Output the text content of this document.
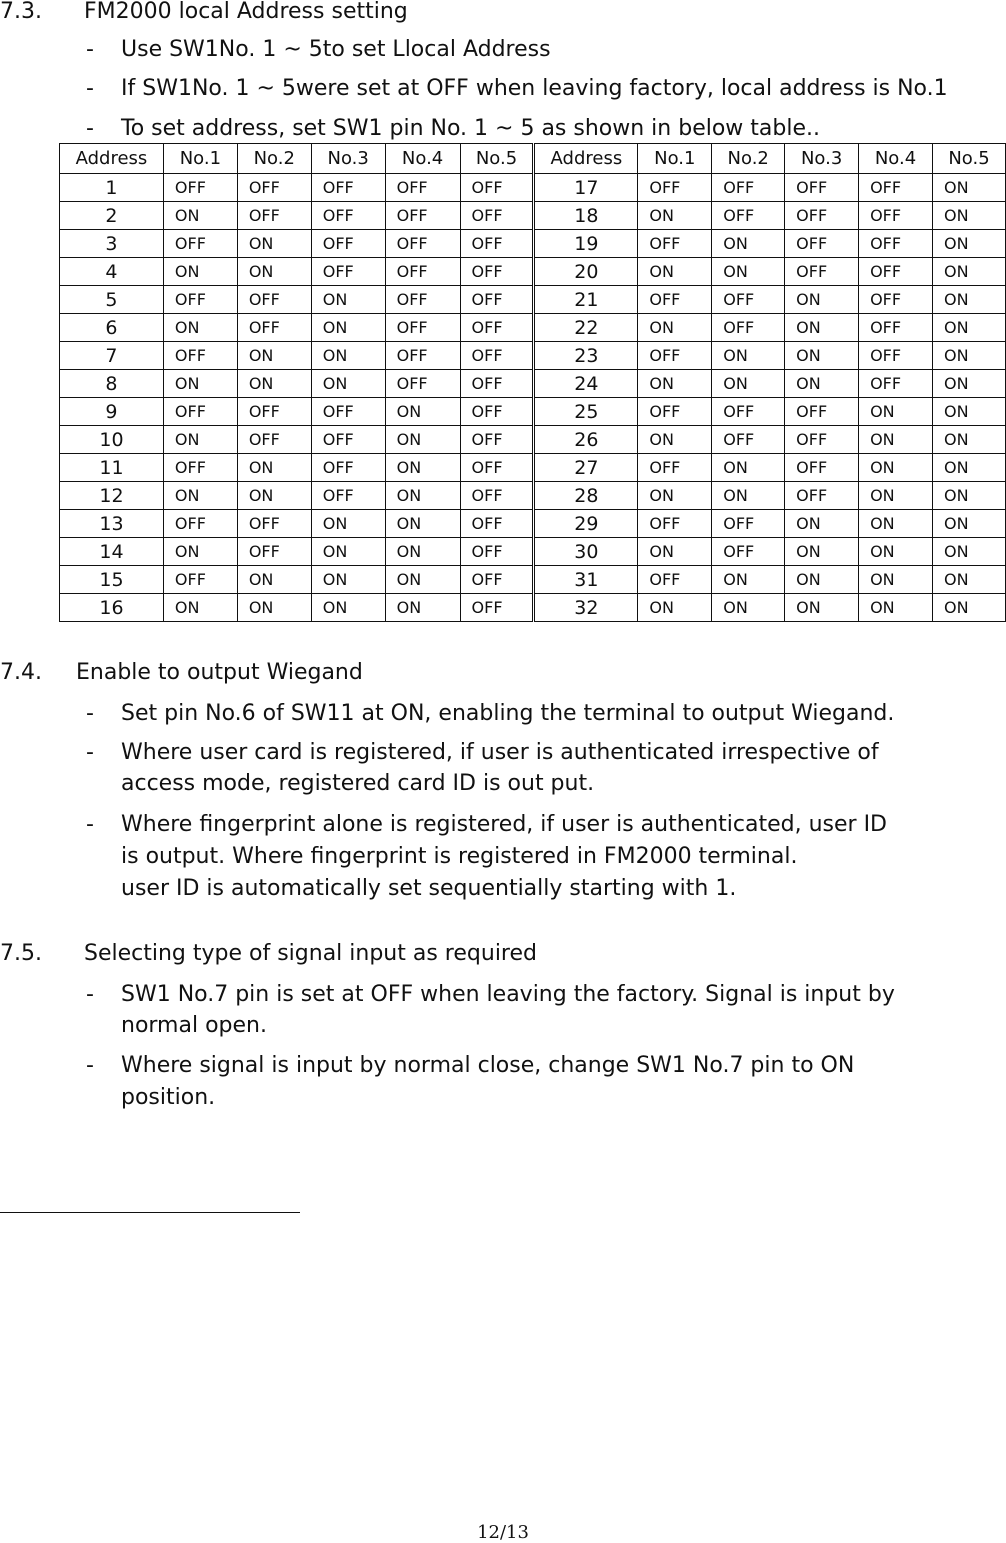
7.3. FM2000 local Address setting
- Use SW1No. 1 ~ 5to set Llocal Address
- If SW1No. 1 ~ 5were set at OFF when leaving factory, local address is No.1
- To set address, set SW1 pin No. 1 ~ 5 as shown in below table..
Address	No.1	No.2	No.3	No.4	No.5	Address	No.1	No.2	No.3	No.4	No.5
1	OFF	OFF	OFF	OFF	OFF	17	OFF	OFF	OFF	OFF	ON
2	ON	OFF	OFF	OFF	OFF	18	ON	OFF	OFF	OFF	ON
3	OFF	ON	OFF	OFF	OFF	19	OFF	ON	OFF	OFF	ON
4	ON	ON	OFF	OFF	OFF	20	ON	ON	OFF	OFF	ON
5	OFF	OFF	ON	OFF	OFF	21	OFF	OFF	ON	OFF	ON
6	ON	OFF	ON	OFF	OFF	22	ON	OFF	ON	OFF	ON
7	OFF	ON	ON	OFF	OFF	23	OFF	ON	ON	OFF	ON
8	ON	ON	ON	OFF	OFF	24	ON	ON	ON	OFF	ON
9	OFF	OFF	OFF	ON	OFF	25	OFF	OFF	OFF	ON	ON
10	ON	OFF	OFF	ON	OFF	26	ON	OFF	OFF	ON	ON
11	OFF	ON	OFF	ON	OFF	27	OFF	ON	OFF	ON	ON
12	ON	ON	OFF	ON	OFF	28	ON	ON	OFF	ON	ON
13	OFF	OFF	ON	ON	OFF	29	OFF	OFF	ON	ON	ON
14	ON	OFF	ON	ON	OFF	30	ON	OFF	ON	ON	ON
15	OFF	ON	ON	ON	OFF	31	OFF	ON	ON	ON	ON
16	ON	ON	ON	ON	OFF	32	ON	ON	ON	ON	ON
7.4. Enable to output Wiegand
- Set pin No.6 of SW11 at ON, enabling the terminal to output Wiegand.
- Where user card is registered, if user is authenticated irrespective of
access mode, registered card ID is out put.
- Where fingerprint alone is registered, if user is authenticated, user ID
is output. Where fingerprint is registered in FM2000 terminal.
user ID is automatically set sequentially starting with 1.
7.5. Selecting type of signal input as required
- SW1 No.7 pin is set at OFF when leaving the factory. Signal is input by
normal open.
- Where signal is input by normal close, change SW1 No.7 pin to ON
position.
12/13
